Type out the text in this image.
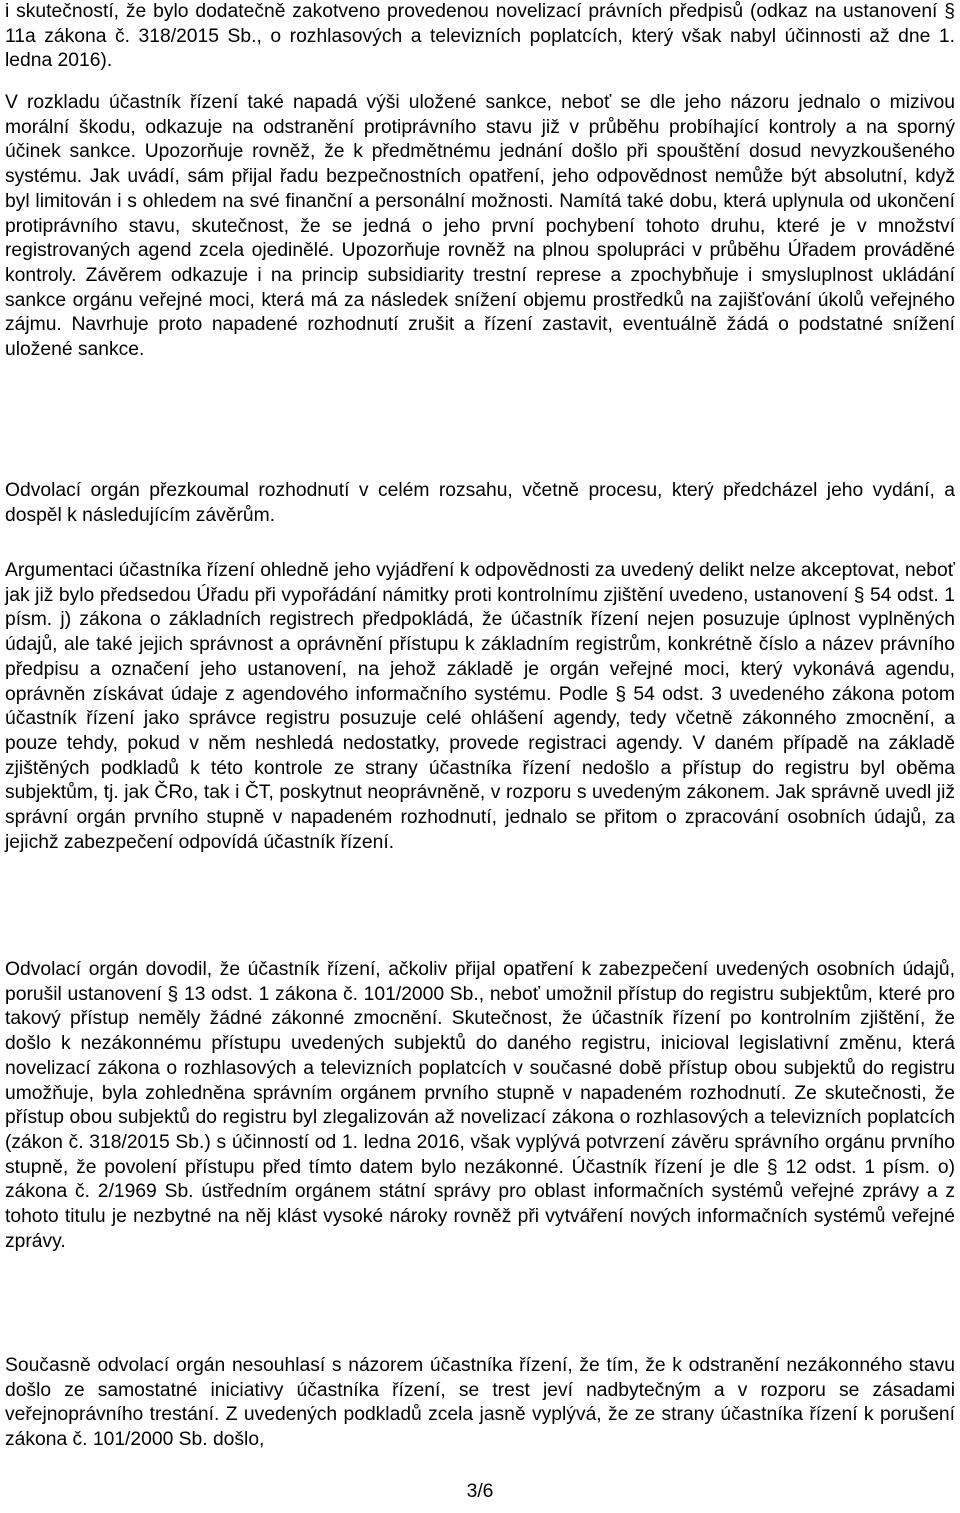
i skutečností, že bylo dodatečně zakotveno provedenou novelizací právních předpisů (odkaz na ustanovení § 11a zákona č. 318/2015 Sb., o rozhlasových a televizních poplatcích, který však nabyl účinnosti až dne 1. ledna 2016).

V rozkladu účastník řízení také napadá výši uložené sankce, neboť se dle jeho názoru jednalo o mizivou morální škodu, odkazuje na odstranění protiprávního stavu již v průběhu probíhající kontroly a na sporný účinek sankce. Upozorňuje rovněž, že k předmětnému jednání došlo při spouštění dosud nevyzkoušeného systému. Jak uvádí, sám přijal řadu bezpečnostních opatření, jeho odpovědnost nemůže být absolutní, když byl limitován i s ohledem na své finanční a personální možnosti. Namítá také dobu, která uplynula od ukončení protiprávního stavu, skutečnost, že se jedná o jeho první pochybení tohoto druhu, které je v množství registrovaných agend zcela ojedinělé. Upozorňuje rovněž na plnou spolupráci v průběhu Úřadem prováděné kontroly. Závěrem odkazuje i na princip subsidiarity trestní represe a zpochybňuje i smysluplnost ukládání sankce orgánu veřejné moci, která má za následek snížení objemu prostředků na zajišťování úkolů veřejného zájmu. Navrhuje proto napadené rozhodnutí zrušit a řízení zastavit, eventuálně žádá o podstatné snížení uložené sankce.

Odvolací orgán přezkoumal rozhodnutí v celém rozsahu, včetně procesu, který předcházel jeho vydání, a dospěl k následujícím závěrům.

Argumentaci účastníka řízení ohledně jeho vyjádření k odpovědnosti za uvedený delikt nelze akceptovat, neboť jak již bylo předsedou Úřadu při vypořádání námitky proti kontrolnímu zjištění uvedeno, ustanovení § 54 odst. 1 písm. j) zákona o základních registrech předpokládá, že účastník řízení nejen posuzuje úplnost vyplněných údajů, ale také jejich správnost a oprávnění přístupu k základním registrům, konkrétně číslo a název právního předpisu a označení jeho ustanovení, na jehož základě je orgán veřejné moci, který vykonává agendu, oprávněn získávat údaje z agendového informačního systému. Podle § 54 odst. 3 uvedeného zákona potom účastník řízení jako správce registru posuzuje celé ohlášení agendy, tedy včetně zákonného zmocnění, a pouze tehdy, pokud v něm neshledá nedostatky, provede registraci agendy. V daném případě na základě zjištěných podkladů k této kontrole ze strany účastníka řízení nedošlo a přístup do registru byl oběma subjektům, tj. jak ČRo, tak i ČT, poskytnut neoprávněně, v rozporu s uvedeným zákonem. Jak správně uvedl již správní orgán prvního stupně v napadeném rozhodnutí, jednalo se přitom o zpracování osobních údajů, za jejichž zabezpečení odpovídá účastník řízení.

Odvolací orgán dovodil, že účastník řízení, ačkoliv přijal opatření k zabezpečení uvedených osobních údajů, porušil ustanovení § 13 odst. 1 zákona č. 101/2000 Sb., neboť umožnil přístup do registru subjektům, které pro takový přístup neměly žádné zákonné zmocnění. Skutečnost, že účastník řízení po kontrolním zjištění, že došlo k nezákonnému přístupu uvedených subjektů do daného registru, inicioval legislativní změnu, která novelizací zákona o rozhlasových a televizních poplatcích v současné době přístup obou subjektů do registru umožňuje, byla zohledněna správním orgánem prvního stupně v napadeném rozhodnutí. Ze skutečnosti, že přístup obou subjektů do registru byl zlegalizován až novelizací zákona o rozhlasových a televizních poplatcích (zákon č. 318/2015 Sb.) s účinností od 1. ledna 2016, však vyplývá potvrzení závěru správního orgánu prvního stupně, že povolení přístupu před tímto datem bylo nezákonné. Účastník řízení je dle § 12 odst. 1 písm. o) zákona č. 2/1969 Sb. ústředním orgánem státní správy pro oblast informačních systémů veřejné zprávy a z tohoto titulu je nezbytné na něj klást vysoké nároky rovněž při vytváření nových informačních systémů veřejné zprávy.

Současně odvolací orgán nesouhlasí s názorem účastníka řízení, že tím, že k odstranění nezákonného stavu došlo ze samostatné iniciativy účastníka řízení, se trest jeví nadbytečným a v rozporu se zásadami veřejnoprávního trestání. Z uvedených podkladů zcela jasně vyplývá, že ze strany účastníka řízení k porušení zákona č. 101/2000 Sb. došlo,

3/6
